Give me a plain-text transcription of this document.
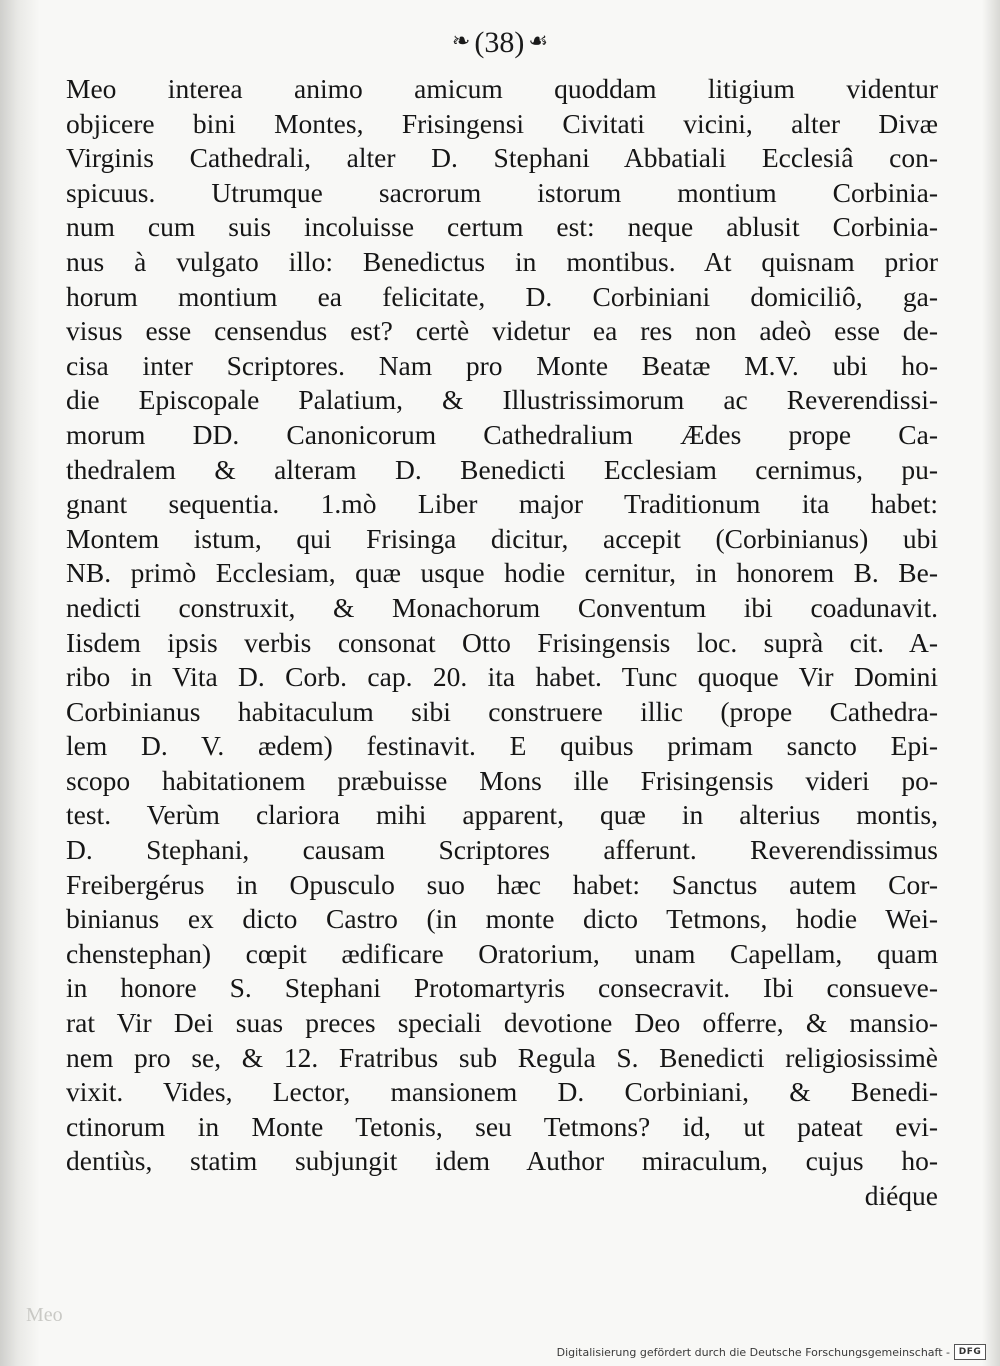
❧ (38) ☙
Meo interea animo amicum quoddam litigium videntur
objicere bini Montes, Frisingensi Civitati vicini, alter Divæ
Virginis Cathedrali, alter D. Stephani Abbatiali Ecclesiâ con-
spicuus. Utrumque sacrorum istorum montium Corbinia-
num cum suis incoluisse certum est: neque ablusit Corbinia-
nus à vulgato illo: Benedictus in montibus. At quisnam prior
horum montium ea felicitate, D. Corbiniani domiciliô, ga-
visus esse censendus est? certè videtur ea res non adeò esse de-
cisa inter Scriptores. Nam pro Monte Beatæ M.V. ubi ho-
die Episcopale Palatium, & Illustrissimorum ac Reverendissi-
morum DD. Canonicorum Cathedralium Ædes prope Ca-
thedralem & alteram D. Benedicti Ecclesiam cernimus, pu-
gnant sequentia. 1.mò Liber major Traditionum ita habet:
Montem istum, qui Frisinga dicitur, accepit (Corbinianus) ubi
NB. primò Ecclesiam, quæ usque hodie cernitur, in honorem B. Be-
nedicti construxit, & Monachorum Conventum ibi coadunavit.
Iisdem ipsis verbis consonat Otto Frisingensis loc. suprà cit. A-
ribo in Vita D. Corb. cap. 20. ita habet. Tunc quoque Vir Domini
Corbinianus habitaculum sibi construere illic (prope Cathedra-
lem D. V. ædem) festinavit. E quibus primam sancto Epi-
scopo habitationem præbuisse Mons ille Frisingensis videri po-
test. Verùm clariora mihi apparent, quæ in alterius montis,
D. Stephani, causam Scriptores afferunt. Reverendissimus
Freibergérus in Opusculo suo hæc habet: Sanctus autem Cor-
binianus ex dicto Castro (in monte dicto Tetmons, hodie Wei-
chenstephan) cœpit ædificare Oratorium, unam Capellam, quam
in honore S. Stephani Protomartyris consecravit. Ibi consueve-
rat Vir Dei suas preces speciali devotione Deo offerre, & mansio-
nem pro se, & 12. Fratribus sub Regula S. Benedicti religiosissimè
vixit. Vides, Lector, mansionem D. Corbiniani, & Benedi-
ctinorum in Monte Tetonis, seu Tetmons? id, ut pateat evi-
dentiùs, statim subjungit idem Author miraculum, cujus ho-
diéque
Meo
Digitalisierung gefördert durch die Deutsche Forschungsgemeinschaft - DFG
